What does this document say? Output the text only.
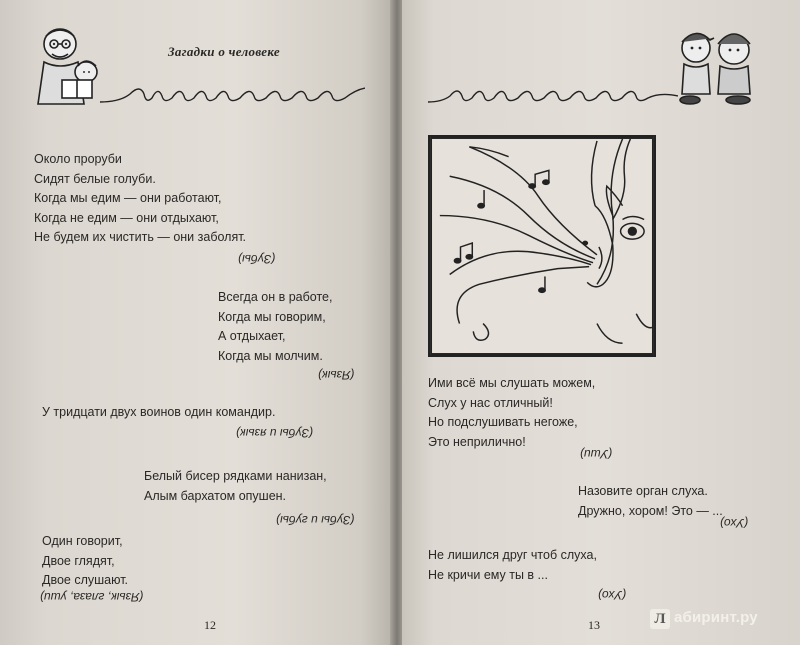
Загадки о человеке
Около проруби
Сидят белые голуби.
Когда мы едим — они работают,
Когда не едим — они отдыхают,
Не будем их чистить — они заболят.
(Зубы)
Всегда он в работе,
Когда мы говорим,
А отдыхает,
Когда мы молчим.
(Язык)
У тридцати двух воинов один командир.
(Зубы и язык)
Белый бисер рядками нанизан,
Алым бархатом опушен.
(Зубы и губы)
Один говорит,
Двое глядят,
Двое слушают.
(Язык, глаза, уши)
12
Ими всё мы слушать можем,
Слух у нас отличный!
Но подслушивать негоже,
Это неприлично!
(Уши)
Назовите орган слуха.
Дружно, хором! Это — ...
(Ухо)
Не лишился друг чтоб слуха,
Не кричи ему ты в ...
(Ухо)
13	Л абиринт.ру
